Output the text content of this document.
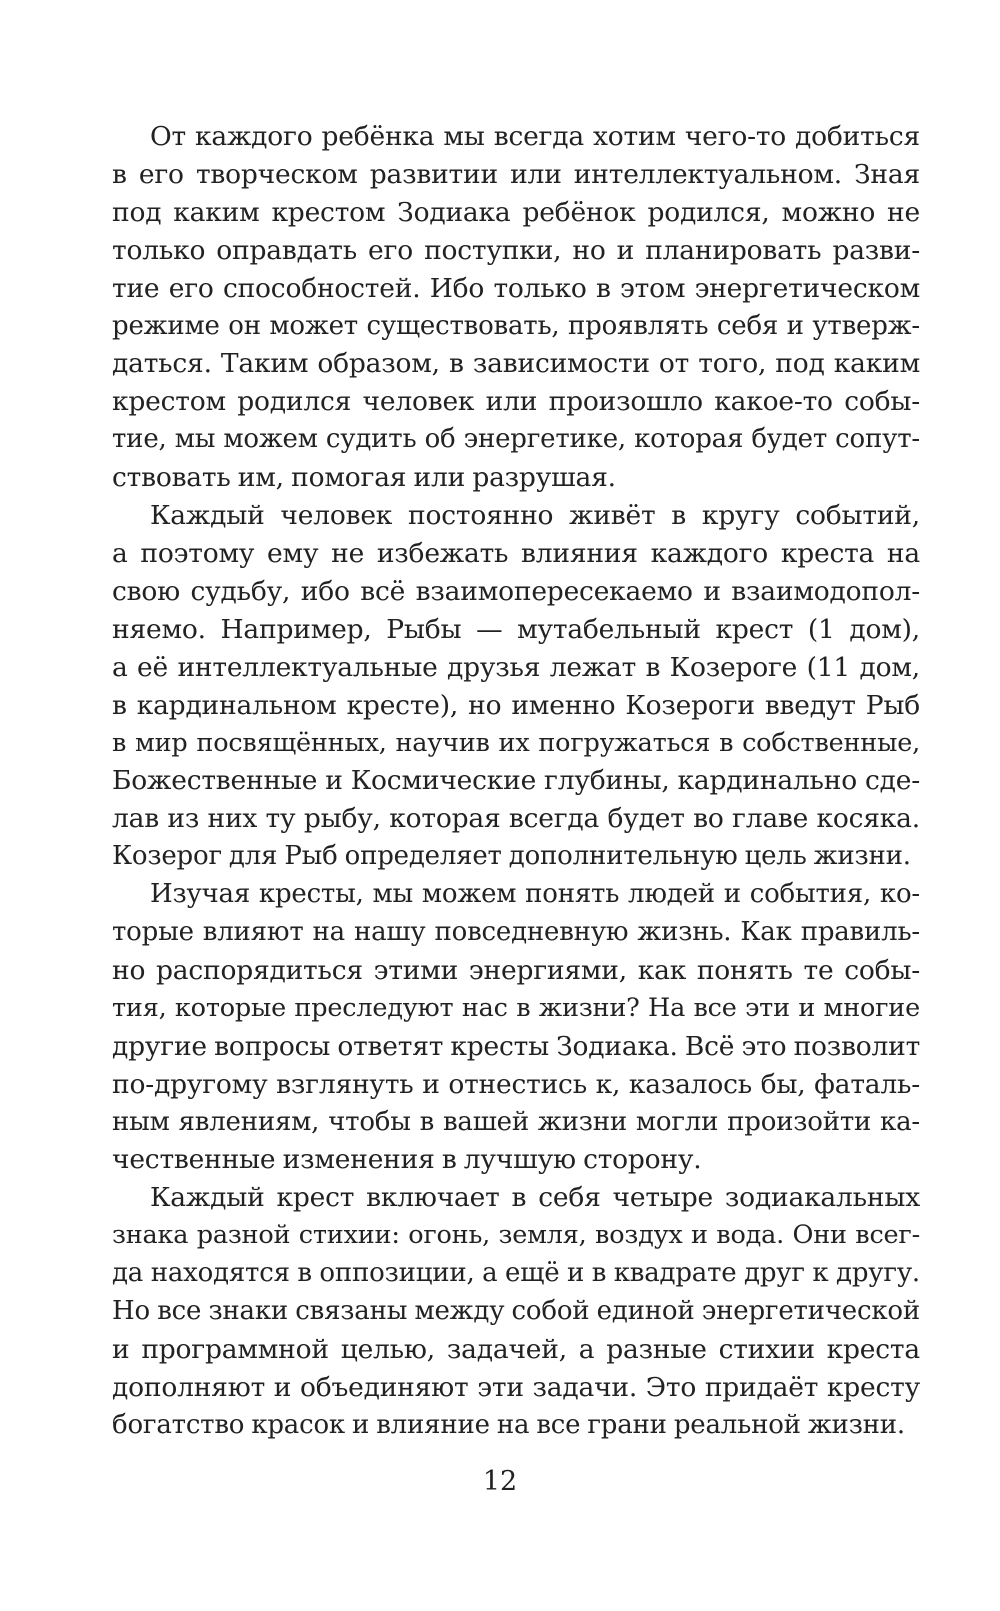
От каждого ребёнка мы всегда хотим чего-то добиться
в его творческом развитии или интеллектуальном. Зная
под каким крестом Зодиака ребёнок родился, можно не
только оправдать его поступки, но и планировать разви-
тие его способностей. Ибо только в этом энергетическом
режиме он может существовать, проявлять себя и утверж-
даться. Таким образом, в зависимости от того, под каким
крестом родился человек или произошло какое-то собы-
тие, мы можем судить об энергетике, которая будет сопут-
ствовать им, помогая или разрушая.
Каждый человек постоянно живёт в кругу событий,
а поэтому ему не избежать влияния каждого креста на
свою судьбу, ибо всё взаимопересекаемо и взаимодопол-
няемо. Например, Рыбы — мутабельный крест (1 дом),
а её интеллектуальные друзья лежат в Козероге (11 дом,
в кардинальном кресте), но именно Козероги введут Рыб
в мир посвящённых, научив их погружаться в собственные,
Божественные и Космические глубины, кардинально сде-
лав из них ту рыбу, которая всегда будет во главе косяка.
Козерог для Рыб определяет дополнительную цель жизни.
Изучая кресты, мы можем понять людей и события, ко-
торые влияют на нашу повседневную жизнь. Как правиль-
но распорядиться этими энергиями, как понять те собы-
тия, которые преследуют нас в жизни? На все эти и многие
другие вопросы ответят кресты Зодиака. Всё это позволит
по-другому взглянуть и отнестись к, казалось бы, фаталь-
ным явлениям, чтобы в вашей жизни могли произойти ка-
чественные изменения в лучшую сторону.
Каждый крест включает в себя четыре зодиакальных
знака разной стихии: огонь, земля, воздух и вода. Они всег-
да находятся в оппозиции, а ещё и в квадрате друг к другу.
Но все знаки связаны между собой единой энергетической
и программной целью, задачей, а разные стихии креста
дополняют и объединяют эти задачи. Это придаёт кресту
богатство красок и влияние на все грани реальной жизни.
12
